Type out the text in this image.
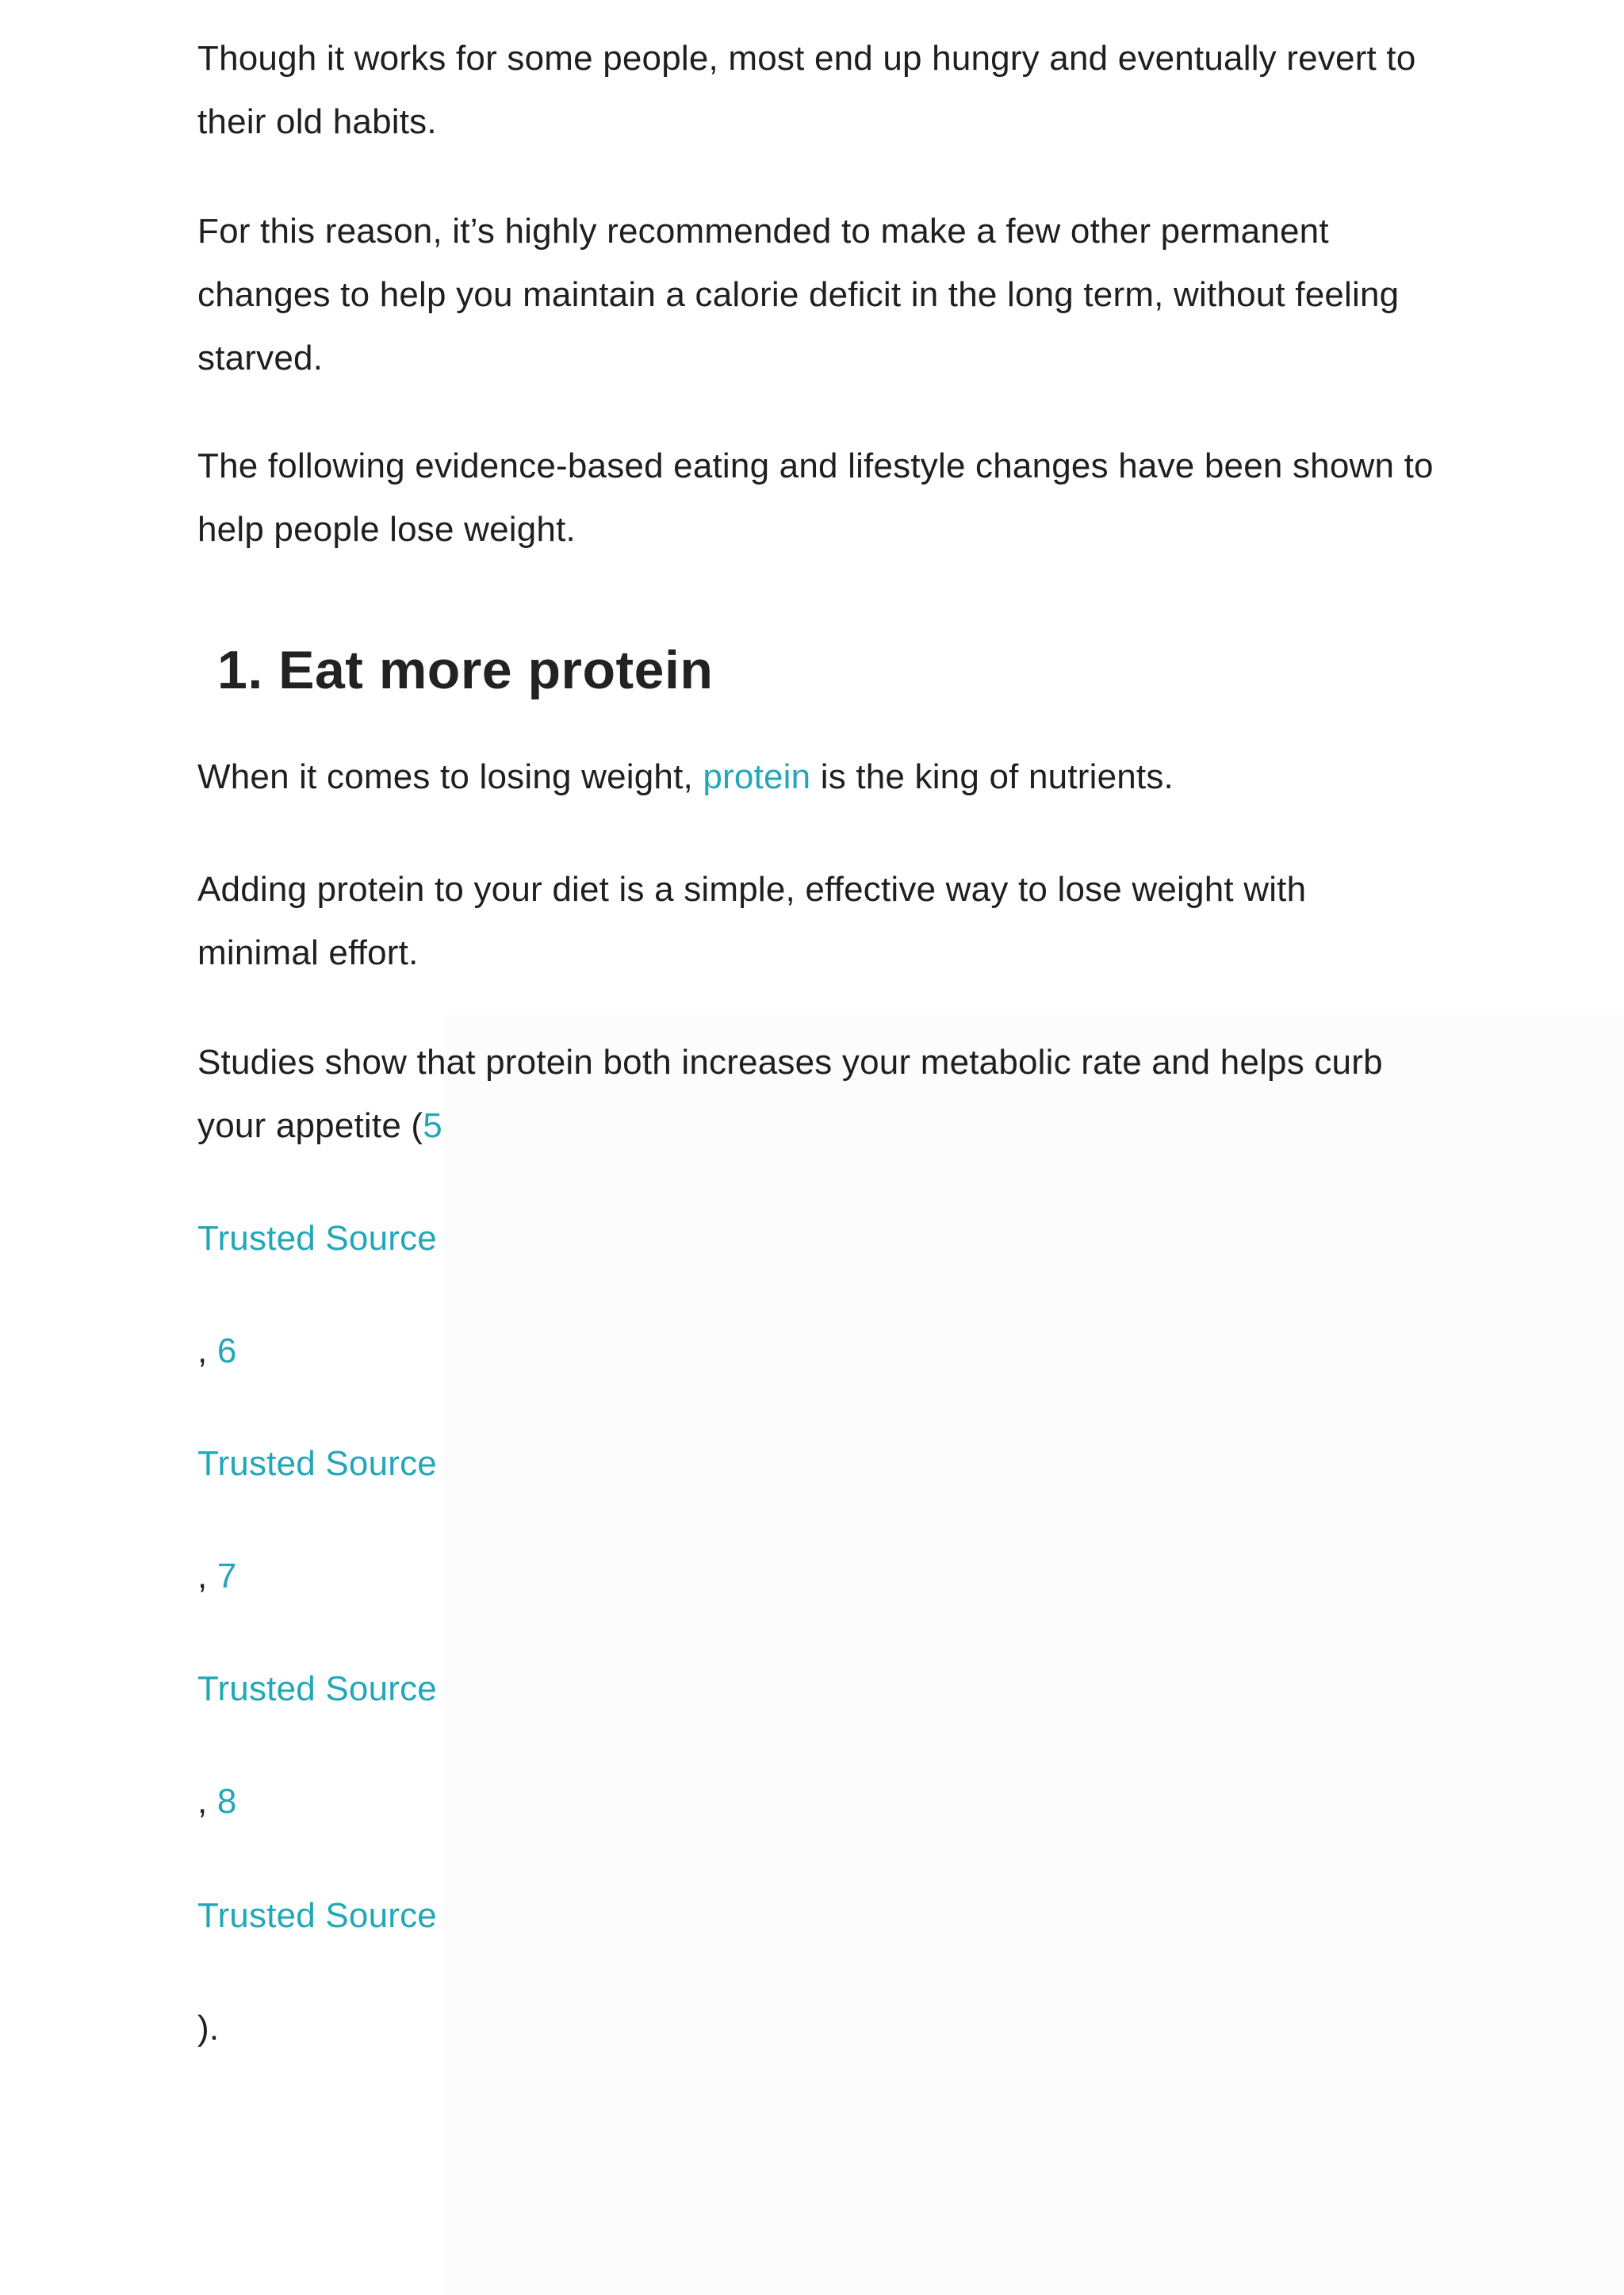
Though it works for some people, most end up hungry and eventually revert to their old habits.

For this reason, it’s highly recommended to make a few other permanent changes to help you maintain a calorie deficit in the long term, without feeling starved.

The following evidence-based eating and lifestyle changes have been shown to help people lose weight.

1. Eat more protein

When it comes to losing weight, protein is the king of nutrients.

Adding protein to your diet is a simple, effective way to lose weight with minimal effort.

Studies show that protein both increases your metabolic rate and helps curb your appetite (5

Trusted Source

, 6

Trusted Source

, 7

Trusted Source

, 8

Trusted Source

).
